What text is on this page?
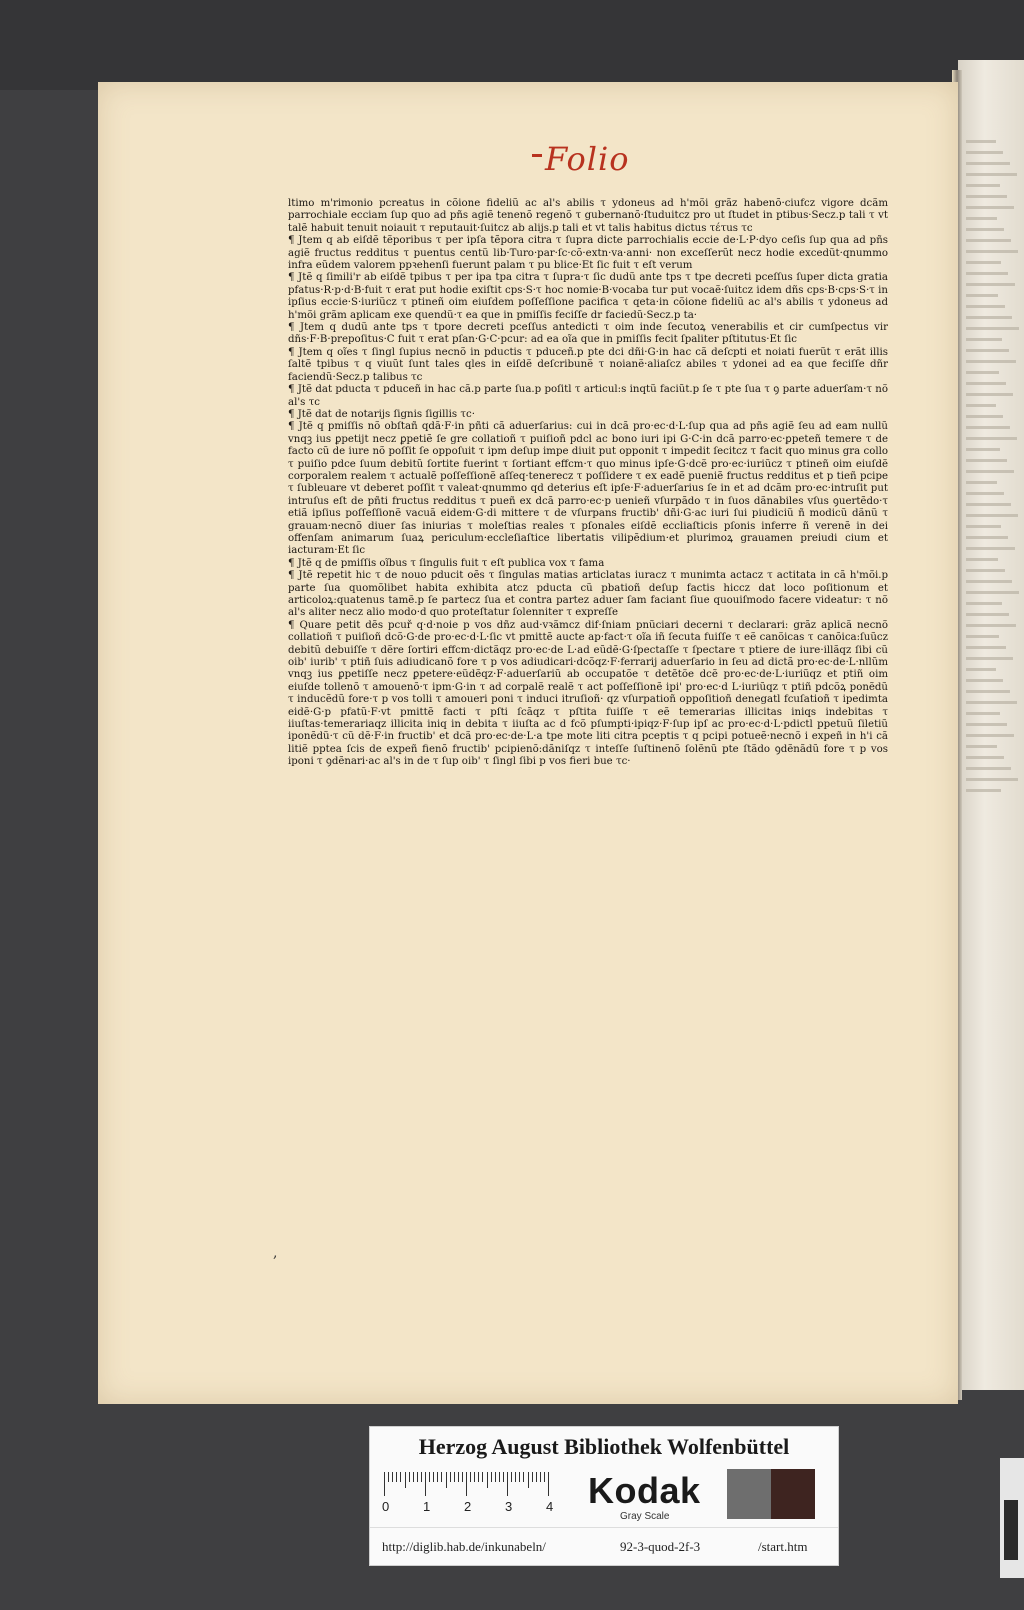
Folio

ltimo m'rimonio pcreatus in cõione fideliũ ac al's abilis τ ydoneus ad h'mõi grãz habenõ·ciufcz vigore dcãm parrochiale ecciam ſup quo ad pñs agiẽ tenenõ regenõ τ gubernanõ·ſtuduitcz pro ut ſtudet in ptibus·Secz.p tali τ vt talẽ habuit tenuit noiauit τ reputauit·ſuitcz ab alijs.p tali et vt talis habitus dictus τέτus τc

¶ Jtem q ab eiſdẽ tẽporibus τ per ipſa tẽpora citra τ ſupra dicte parrochialis eccie de·L·P·dyo ceſis ſup qua ad pñs agiẽ fructus redditus τ puentus centũ lib·Turo·par·ſc·cõ·extn·va·anni· non exceſſerũt necz hodie excedũt·qnummo infra eũdem valorem ppꝛehenſi fuerunt palam τ pu blice·Et ſic fuit τ eſt verum

¶ Jtẽ q ſimili'r ab eiſdẽ tpibus τ per ipa tpa citra τ ſupra·τ ſic dudũ ante tps τ tpe decreti pceſſus ſuper dicta gratia pfatus·R·p·d·B·fuit τ erat put hodie exiſtit cps·S·τ hoc nomie·B·vocaba tur put vocaẽ·ſuitcz idem dñs cps·B·cps·S·τ in ipſius eccie·S·iuriũcz τ ptineñ oim eiuſdem poſſeſſione pacifica τ qeta·in cõione fideliũ ac al's abilis τ ydoneus ad h'mõi grãm aplicam exe quendũ·τ ea que in pmiſſis feciſſe dr faciedũ·Secz.p ta·

¶ Jtem q dudũ ante tps τ tpore decreti pceſſus antedicti τ oim inde ſecutoꝝ venerabilis et cir cumſpectus vir dñs·F·B·prepoſitus·C fuit τ erat pſan·G·C·pcur: ad ea oĩa que in pmiſſis fecit ſpaliter pſtitutus·Et ſic

¶ Jtem q oĩes τ ſingl ſupius necnõ in pductis τ pduceñ.p pte dci dñi·G·in hac cã deſcpti et noiati fuerũt τ erãt illis ſaltẽ tpibus τ q viuũt ſunt tales qles in eiſdẽ deſcribunẽ τ noianẽ·aliaſcz abiles τ ydonei ad ea que feciſſe dñr faciendũ·Secz.p talibus τc

¶ Jtẽ dat pducta τ pduceñ in hac cã.p parte ſua.p poſitl τ articul:s inqtũ faciũt.p ſe τ pte ſua τ ꝯ parte aduerſam·τ nõ al's τc

¶ Jtẽ dat de notarijs ſignis ſigillis τc·

¶ Jtẽ q pmiſſis nõ obſtañ qdã·F·in pñti cã aduerſarius: cui in dcã pro·ec·d·L·ſup qua ad pñs agiẽ ſeu ad eam nullũ vnqꝫ ius ꝑpetijt necz ꝑpetiẽ ſe gre collatioñ τ puiſioñ pdcl ac bono iuri ipi G·C·in dcã parro·ec·ꝑpeteñ temere τ de facto cũ de iure nõ poſſit ſe oppoſuit τ ipm deſup impe diuit put opponit τ impedit ſecitcz τ facit quo minus gra collo τ puiſio pdce ſuum debitũ ſortite fuerint τ ſortiant effcm·τ quo minus ipſe·G·dcẽ pro·ec·iuriũcz τ ptineñ oim eiuſdẽ corporalem realem τ actualẽ poſſeſſionẽ aſſeq·tenerecz τ poſſidere τ ex eadẽ pueniẽ fructus redditus et p tieñ pcipe τ ſubleuare vt deberet poſſit τ valeat·qnummo qd deterius eſt ipſe·F·aduerſarius ſe in et ad dcãm pro·ec·intruſit put intruſus eſt de pñti fructus redditus τ pueñ ex dcã parro·ec·p uenieñ vſurpãdo τ in ſuos dãnabiles vſus ꝯuertẽdo·τ etiã ipſius poſſeſſionẽ vacuã eidem·G·di mittere τ de vſurpans fructib' dñi·G·ac iuri ſui piudiciũ ñ modicũ dãnũ τ grauam·necnõ diuer ſas iniurias τ moleſtias reales τ pſonales eiſdẽ eccliaſticis pſonis inferre ñ verenẽ in dei offenſam animarum ſuaꝝ periculum·eccleſiaſtice libertatis vilipẽdium·et plurimoꝝ grauamen preiudi cium et iacturam·Et ſic

¶ Jtẽ q de pmiſſis oĩbus τ ſingulis fuit τ eſt publica vox τ fama

¶ Jtẽ repetit hic τ de nouo pducit oẽs τ ſingulas matias articlatas iuracz τ munimta actacz τ actitata in cã h'mõi.p parte ſua quomõlibet habita exhibita atcz pducta cũ pbatioñ deſup factis hiccz dat loco poſitionum et articoloꝝ:quatenus tamẽ.p ſe partecz ſua et contra partez aduer ſam faciant ſiue quouiſmodo facere videatur: τ nõ al's aliter necz alio modo·d quo proteſtatur ſolenniter τ expreſſe

¶ Quare petit dẽs pcuř q·d·noie p vos dñz aud·vꝛãmcz dif·ſniam pnũciari decerni τ declarari: grãz aplicã necnõ collatioñ τ puiſioñ dcõ·G·de pro·ec·d·L·ſic vt pmittẽ aucte ap·fact·τ oĩa iñ ſecuta fuiſſe τ eẽ canõicas τ canõica:ſuũcz debitũ debuiſſe τ dẽre ſortiri effcm·dictãqz pro·ec·de L·ad eũdẽ·G·ſpectaſſe τ ſpectare τ ptiere de iure·illãqz ſibi cũ oib' iurib' τ ptiñ ſuis adiudicanõ fore τ p vos adiudicari·dcõqz·F·ferrarij aduerſario in ſeu ad dictã pro·ec·de·L·nllũm vnqꝫ ius ꝑpetiſſe necz ꝑpetere·eũdẽqz·F·aduerſariũ ab occupatõe τ detẽtõe dcẽ pro·ec·de·L·iuriũqz et ptiñ oim eiuſde tollenõ τ amouenõ·τ ipm·G·in τ ad corpalẽ realẽ τ act poſſeſſionẽ ipi' pro·ec·d L·iuriũqz τ ptiñ pdcõꝝ ponẽdũ τ inducẽdũ fore·τ p vos tolli τ amoueri poni τ induci itruſioñ· qz vſurpatioñ oppoſitioñ denegatl fcuſatioñ τ ipedimta eidẽ·G·p pfatũ·F·vt pmittẽ facti τ pſti ſcãqz τ pſtita fuiſſe τ eẽ temerarias illicitas iniqs indebitas τ iiuſtas·temerariaqz illicita iniq in debita τ iiuſta ac d fcõ pſumpti·ipiqz·F·ſup ipſ ac pro·ec·d·L·pdictl ppetuũ ſiletiũ iponẽdũ·τ cũ dẽ·F·in fructib' et dcã pro·ec·de·L·a tpe mote liti citra pceptis τ q pcipi potueẽ·necnõ i expeñ in h'i cã litiẽ pptea ſcis de expeñ fienõ fructib' pcipienõ:dãniſqz τ inteſſe ſuſtinenõ ſolẽnũ pte ſtãdo ꝯdẽnãdũ fore τ p vos iponi τ ꝯdẽnari·ac al's in de τ ſup oib' τ ſingl ſibi p vos fieri bue τc·

,
Herzog August Bibliothek Wolfenbüttel
0	1	2	3	4 Kodak
Gray Scale
http://diglib.hab.de/inkunabeln/	92-3-quod-2f-3	/start.htm
